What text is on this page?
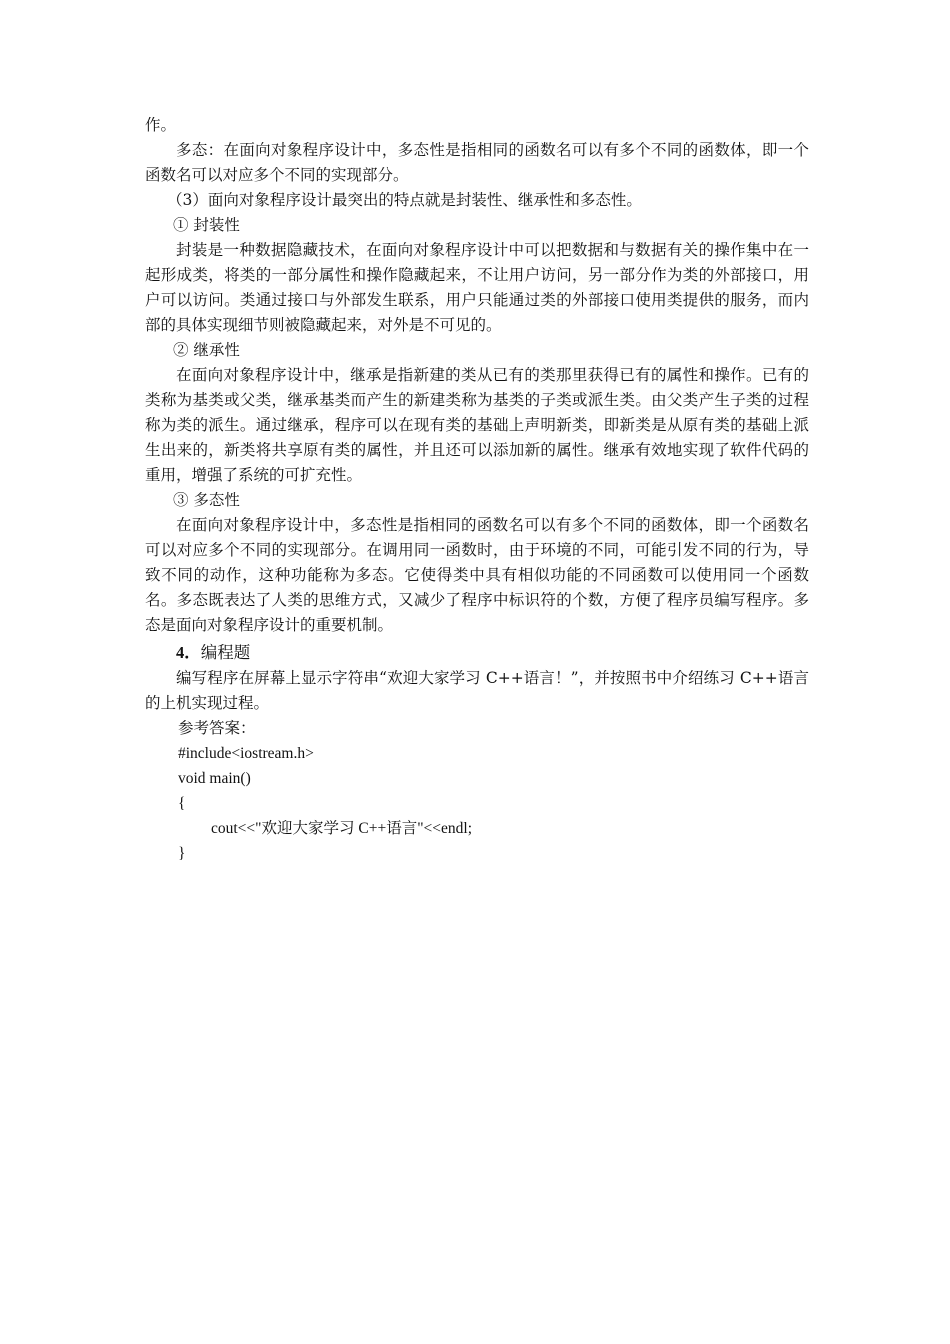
作。

多态：在面向对象程序设计中，多态性是指相同的函数名可以有多个不同的函数体，即一个函数名可以对应多个不同的实现部分。

（3）面向对象程序设计最突出的特点就是封装性、继承性和多态性。

① 封装性

封装是一种数据隐藏技术，在面向对象程序设计中可以把数据和与数据有关的操作集中在一起形成类，将类的一部分属性和操作隐藏起来，不让用户访问，另一部分作为类的外部接口，用户可以访问。类通过接口与外部发生联系，用户只能通过类的外部接口使用类提供的服务，而内部的具体实现细节则被隐藏起来，对外是不可见的。

② 继承性

在面向对象程序设计中，继承是指新建的类从已有的类那里获得已有的属性和操作。已有的类称为基类或父类，继承基类而产生的新建类称为基类的子类或派生类。由父类产生子类的过程称为类的派生。通过继承，程序可以在现有类的基础上声明新类，即新类是从原有类的基础上派生出来的，新类将共享原有类的属性，并且还可以添加新的属性。继承有效地实现了软件代码的重用，增强了系统的可扩充性。

③ 多态性

在面向对象程序设计中，多态性是指相同的函数名可以有多个不同的函数体，即一个函数名可以对应多个不同的实现部分。在调用同一函数时，由于环境的不同，可能引发不同的行为，导致不同的动作，这种功能称为多态。它使得类中具有相似功能的不同函数可以使用同一个函数名。多态既表达了人类的思维方式，又减少了程序中标识符的个数，方便了程序员编写程序。多态是面向对象程序设计的重要机制。

4．编程题

编写程序在屏幕上显示字符串“欢迎大家学习 C++语言！”，并按照书中介绍练习 C++语言的上机实现过程。

参考答案：

#include<iostream.h>
void main()
{
cout<<"欢迎大家学习 C++语言"<<endl;
}
